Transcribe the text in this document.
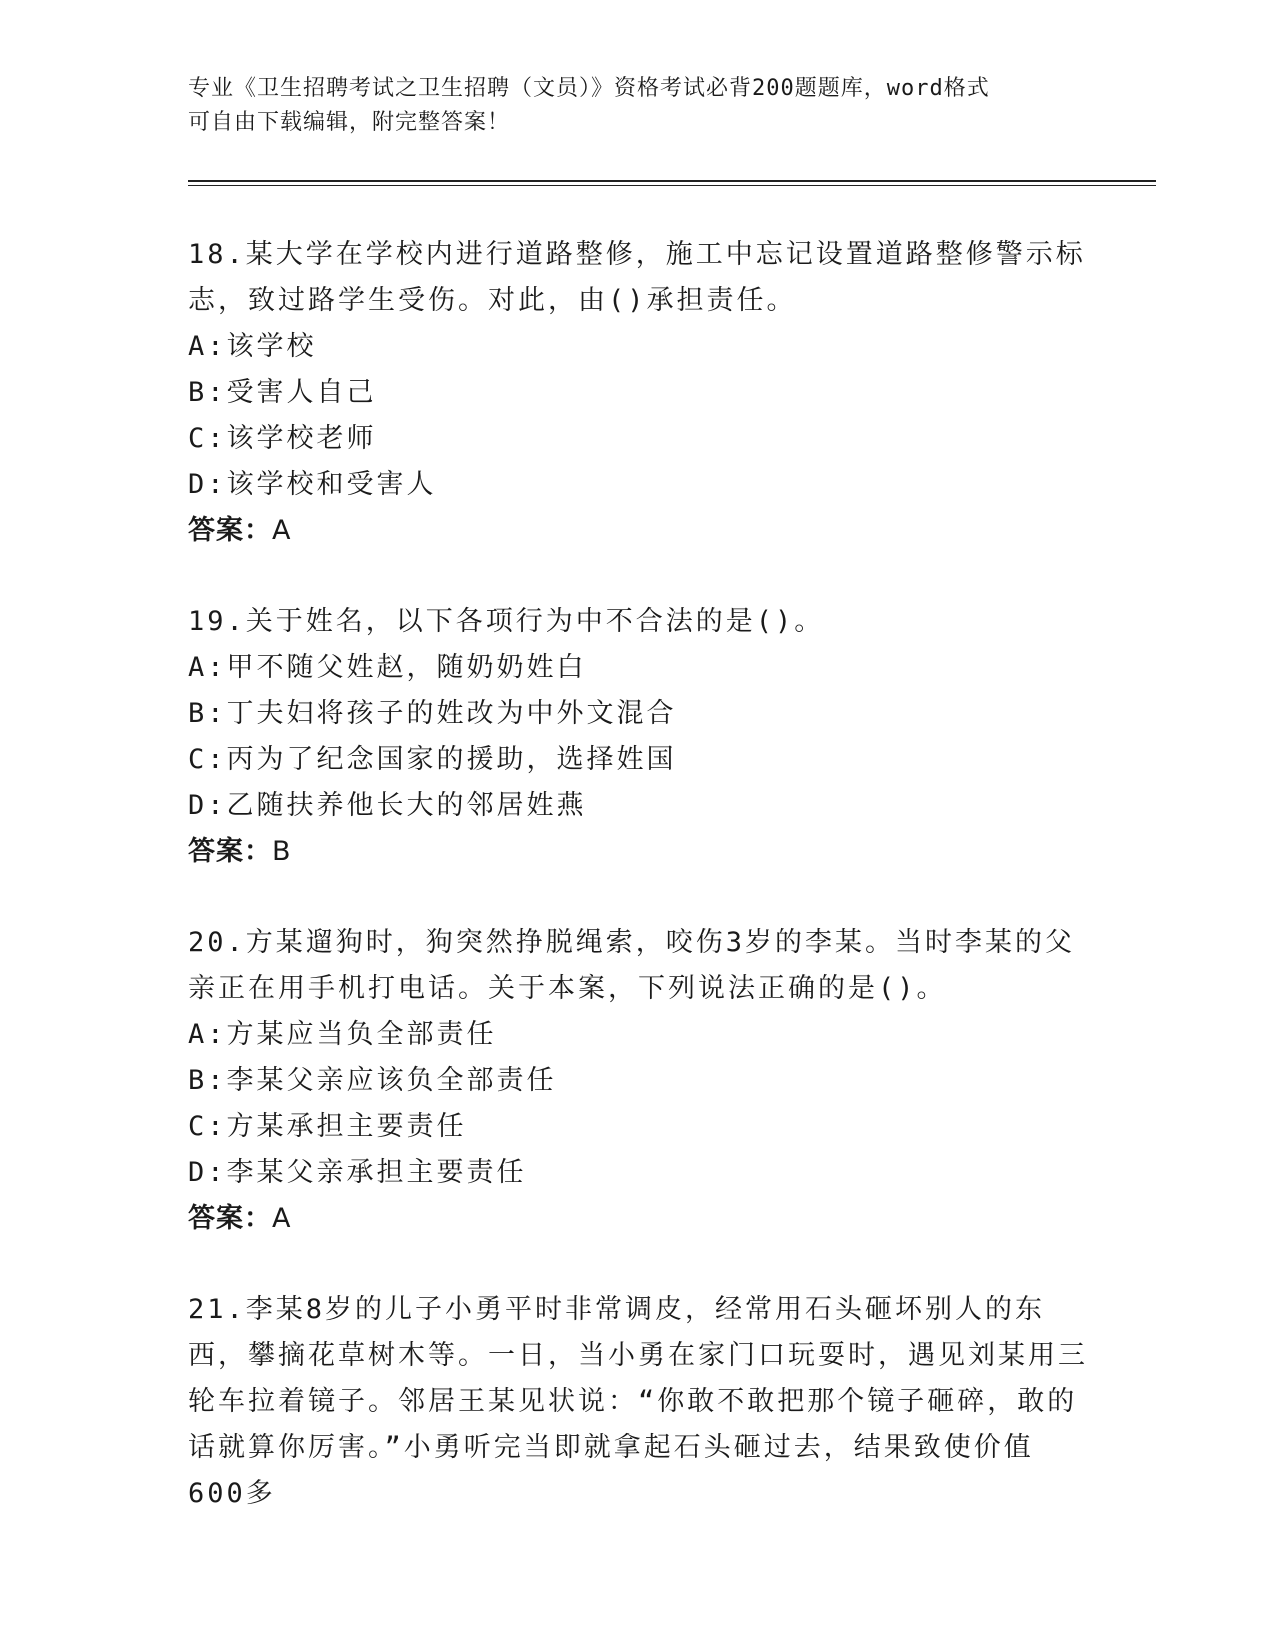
专业《卫生招聘考试之卫生招聘（文员）》资格考试必背200题题库，word格式
可自由下载编辑，附完整答案！

18.某大学在学校内进行道路整修，施工中忘记设置道路整修警示标志，致过路学生受伤。对此，由()承担责任。

A: 该学校
B: 受害人自己
C: 该学校老师
D: 该学校和受害人

答案：A

19.关于姓名，以下各项行为中不合法的是()。

A: 甲不随父姓赵，随奶奶姓白
B: 丁夫妇将孩子的姓改为中外文混合
C: 丙为了纪念国家的援助，选择姓国
D: 乙随扶养他长大的邻居姓燕

答案：B

20.方某遛狗时，狗突然挣脱绳索，咬伤3岁的李某。当时李某的父亲正在用手机打电话。关于本案，下列说法正确的是()。

A: 方某应当负全部责任
B: 李某父亲应该负全部责任
C: 方某承担主要责任
D: 李某父亲承担主要责任

答案：A

21.李某8岁的儿子小勇平时非常调皮，经常用石头砸坏别人的东西，攀摘花草树木等。一日，当小勇在家门口玩耍时，遇见刘某用三轮车拉着镜子。邻居王某见状说：“你敢不敢把那个镜子砸碎，敢的话就算你厉害。”小勇听完当即就拿起石头砸过去，结果致使价值600多
